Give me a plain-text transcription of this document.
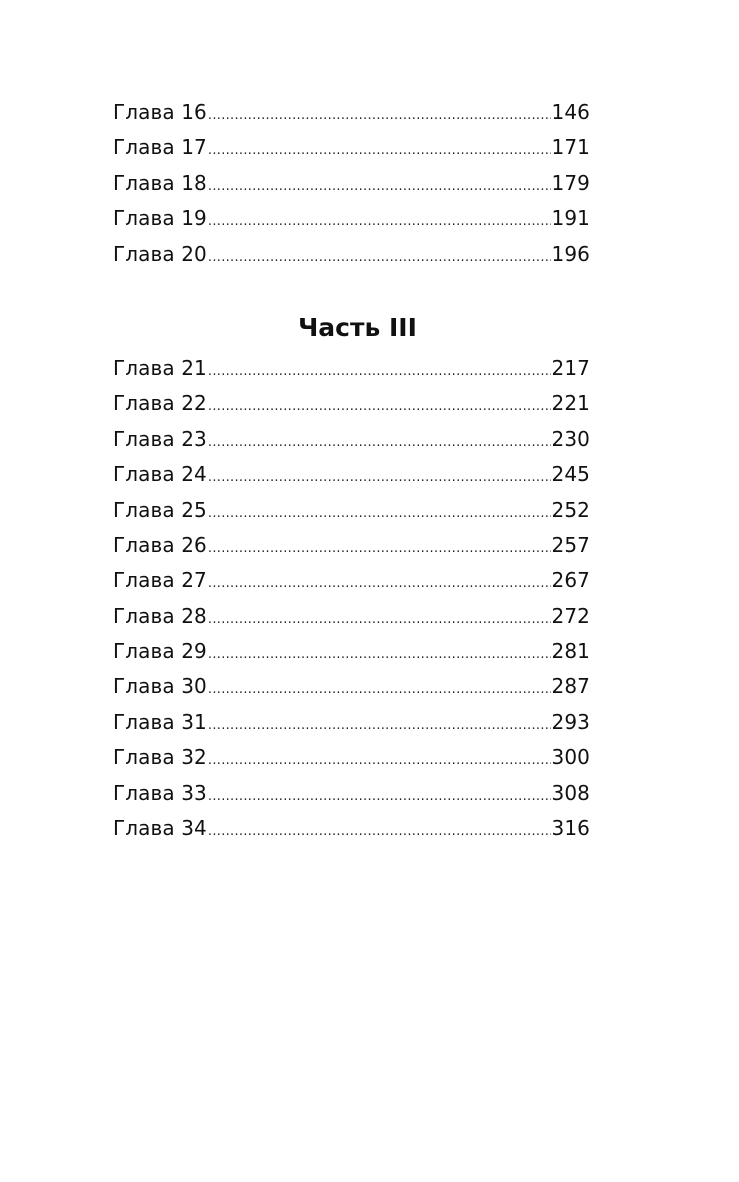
Глава 16 .....	146
Глава 17 .....	171
Глава 18 .....	179
Глава 19 .....	191
Глава 20 .....	196
Часть III
Глава 21 .....	217
Глава 22 .....	221
Глава 23 .....	230
Глава 24 .....	245
Глава 25 .....	252
Глава 26 .....	257
Глава 27 .....	267
Глава 28 .....	272
Глава 29 .....	281
Глава 30 .....	287
Глава 31 .....	293
Глава 32 .....	300
Глава 33 .....	308
Глава 34 .....	316
